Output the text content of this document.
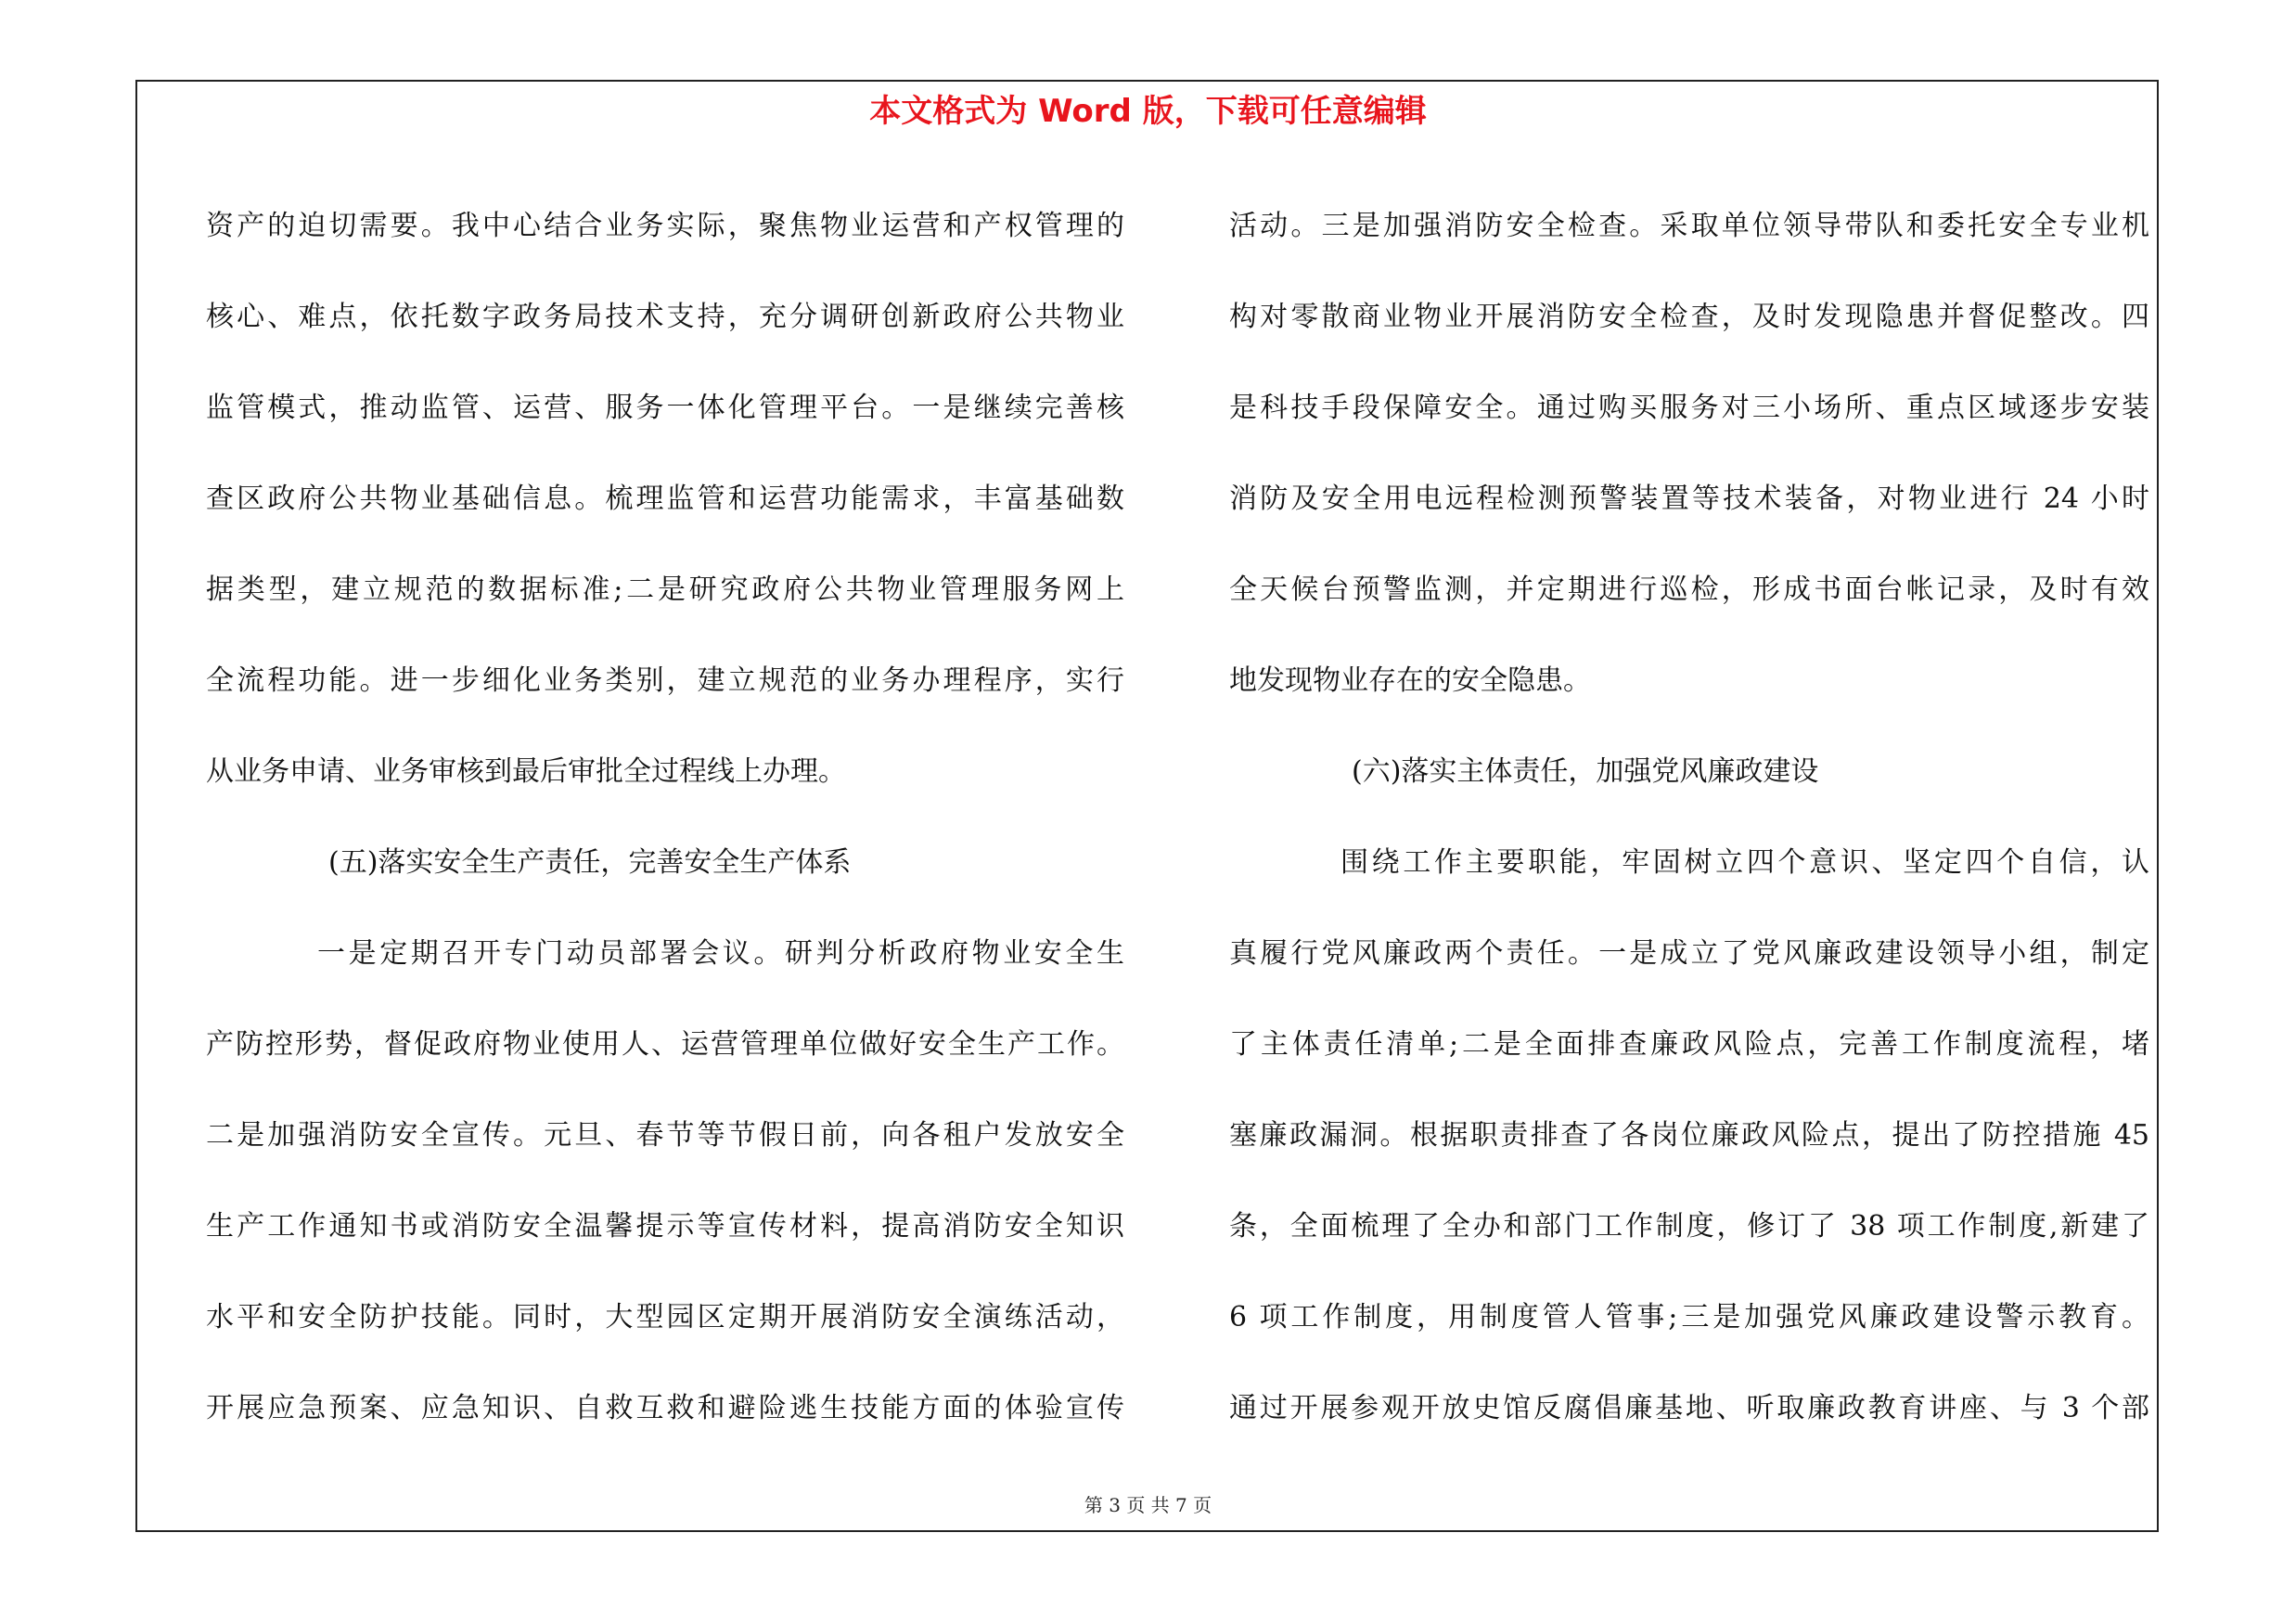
本文格式为 Word 版，下载可任意编辑
资产的迫切需要。我中心结合业务实际，聚焦物业运营和产权管理的
核心、难点，依托数字政务局技术支持，充分调研创新政府公共物业
监管模式，推动监管、运营、服务一体化管理平台。一是继续完善核
查区政府公共物业基础信息。梳理监管和运营功能需求，丰富基础数
据类型，建立规范的数据标准;二是研究政府公共物业管理服务网上
全流程功能。进一步细化业务类别，建立规范的业务办理程序，实行
从业务申请、业务审核到最后审批全过程线上办理。
(五)落实安全生产责任，完善安全生产体系
一是定期召开专门动员部署会议。研判分析政府物业安全生
产防控形势，督促政府物业使用人、运营管理单位做好安全生产工作。
二是加强消防安全宣传。元旦、春节等节假日前，向各租户发放安全
生产工作通知书或消防安全温馨提示等宣传材料，提高消防安全知识
水平和安全防护技能。同时，大型园区定期开展消防安全演练活动，
开展应急预案、应急知识、自救互救和避险逃生技能方面的体验宣传
活动。三是加强消防安全检查。采取单位领导带队和委托安全专业机
构对零散商业物业开展消防安全检查，及时发现隐患并督促整改。四
是科技手段保障安全。通过购买服务对三小场所、重点区域逐步安装
消防及安全用电远程检测预警装置等技术装备，对物业进行 24 小时
全天候台预警监测，并定期进行巡检，形成书面台帐记录，及时有效
地发现物业存在的安全隐患。
(六)落实主体责任，加强党风廉政建设
围绕工作主要职能，牢固树立四个意识、坚定四个自信，认
真履行党风廉政两个责任。一是成立了党风廉政建设领导小组，制定
了主体责任清单;二是全面排查廉政风险点，完善工作制度流程，堵
塞廉政漏洞。根据职责排查了各岗位廉政风险点，提出了防控措施 45
条，全面梳理了全办和部门工作制度，修订了 38 项工作制度,新建了
6 项工作制度，用制度管人管事;三是加强党风廉政建设警示教育。
通过开展参观开放史馆反腐倡廉基地、听取廉政教育讲座、与 3 个部
第 3 页 共 7 页
